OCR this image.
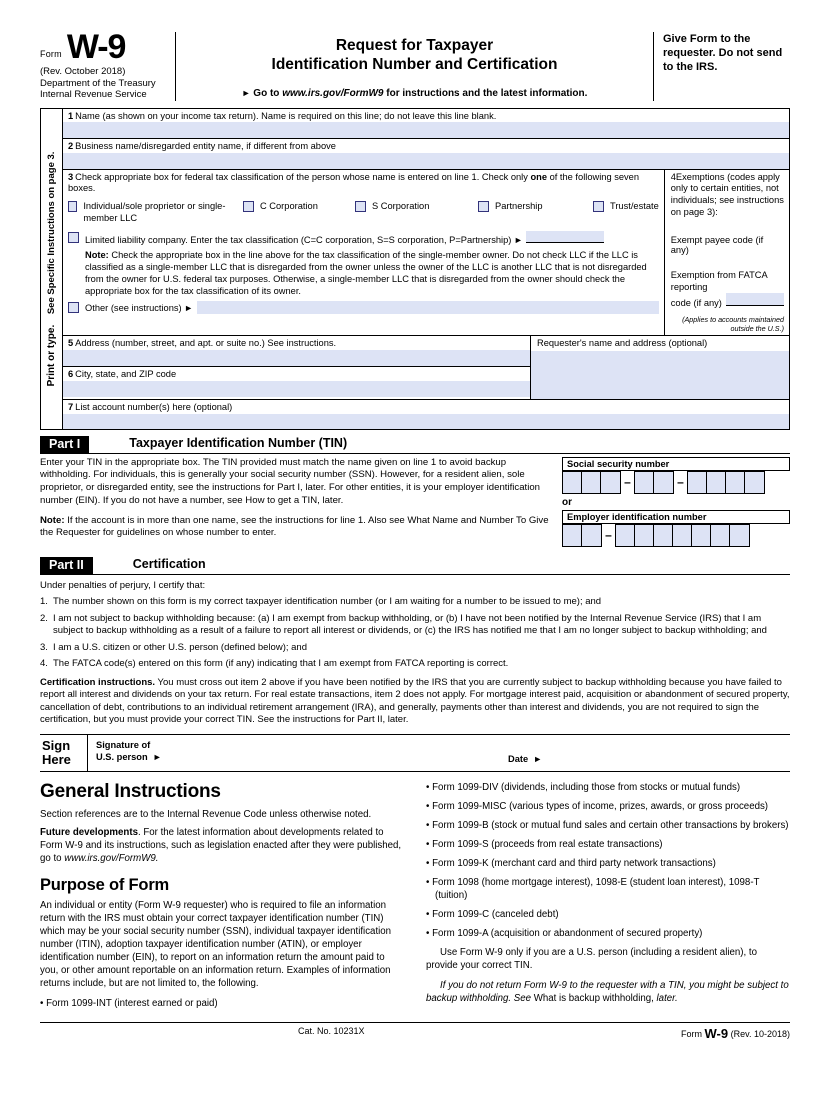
Form W-9
(Rev. October 2018)
Department of the Treasury
Internal Revenue Service
Request for Taxpayer
Identification Number and Certification
► Go to www.irs.gov/FormW9 for instructions and the latest information.
Give Form to the requester. Do not send to the IRS.
Print or type.    See Specific Instructions on page 3.
1 Name (as shown on your income tax return). Name is required on this line; do not leave this line blank.
2 Business name/disregarded entity name, if different from above
3 Check appropriate box for federal tax classification of the person whose name is entered on line 1. Check only one of the following seven boxes.
Individual/sole proprietor or single-member LLC
C Corporation	S Corporation	Partnership	Trust/estate
Limited liability company. Enter the tax classification (C=C corporation, S=S corporation, P=Partnership) ►
Note: Check the appropriate box in the line above for the tax classification of the single-member owner. Do not check LLC if the LLC is classified as a single-member LLC that is disregarded from the owner unless the owner of the LLC is another LLC that is not disregarded from the owner for U.S. federal tax purposes. Otherwise, a single-member LLC that is disregarded from the owner should check the appropriate box for the tax classification of its owner.
Other (see instructions) ►
4Exemptions (codes apply only to certain entities, not individuals; see instructions on page 3):
Exempt payee code (if any)
Exemption from FATCA reporting
code (if any)
(Applies to accounts maintained outside the U.S.)
5 Address (number, street, and apt. or suite no.) See instructions.
6 City, state, and ZIP code
Requester's name and address (optional)
7 List account number(s) here (optional)
Part I	Taxpayer Identification Number (TIN)
Enter your TIN in the appropriate box. The TIN provided must match the name given on line 1 to avoid backup withholding. For individuals, this is generally your social security number (SSN). However, for a resident alien, sole proprietor, or disregarded entity, see the instructions for Part I, later. For other entities, it is your employer identification number (EIN). If you do not have a number, see How to get a TIN, later.
Note: If the account is in more than one name, see the instructions for line 1. Also see What Name and Number To Give the Requester for guidelines on whose number to enter.
Social security number
–	–
or
Employer identification number
–
Part II	Certification
Under penalties of perjury, I certify that:
1. The number shown on this form is my correct taxpayer identification number (or I am waiting for a number to be issued to me); and
2. I am not subject to backup withholding because: (a) I am exempt from backup withholding, or (b) I have not been notified by the Internal Revenue Service (IRS) that I am subject to backup withholding as a result of a failure to report all interest or dividends, or (c) the IRS has notified me that I am no longer subject to backup withholding; and
3. I am a U.S. citizen or other U.S. person (defined below); and
4. The FATCA code(s) entered on this form (if any) indicating that I am exempt from FATCA reporting is correct.
Certification instructions. You must cross out item 2 above if you have been notified by the IRS that you are currently subject to backup withholding because you have failed to report all interest and dividends on your tax return. For real estate transactions, item 2 does not apply. For mortgage interest paid, acquisition or abandonment of secured property, cancellation of debt, contributions to an individual retirement arrangement (IRA), and generally, payments other than interest and dividends, you are not required to sign the certification, but you must provide your correct TIN. See the instructions for Part II, later.
Sign
Here
Signature of
U.S. person  ►	Date  ►
General Instructions

Section references are to the Internal Revenue Code unless otherwise noted.

Future developments. For the latest information about developments related to Form W-9 and its instructions, such as legislation enacted after they were published, go to www.irs.gov/FormW9.

Purpose of Form

An individual or entity (Form W-9 requester) who is required to file an information return with the IRS must obtain your correct taxpayer identification number (TIN) which may be your social security number (SSN), individual taxpayer identification number (ITIN), adoption taxpayer identification number (ATIN), or employer identification number (EIN), to report on an information return the amount paid to you, or other amount reportable on an information return. Examples of information returns include, but are not limited to, the following.

• Form 1099-INT (interest earned or paid)
• Form 1099-DIV (dividends, including those from stocks or mutual funds)
• Form 1099-MISC (various types of income, prizes, awards, or gross proceeds)
• Form 1099-B (stock or mutual fund sales and certain other transactions by brokers)
• Form 1099-S (proceeds from real estate transactions)
• Form 1099-K (merchant card and third party network transactions)
• Form 1098 (home mortgage interest), 1098-E (student loan interest), 1098-T (tuition)
• Form 1099-C (canceled debt)
• Form 1099-A (acquisition or abandonment of secured property)

Use Form W-9 only if you are a U.S. person (including a resident alien), to provide your correct TIN.

If you do not return Form W-9 to the requester with a TIN, you might be subject to backup withholding. See What is backup withholding, later.

Cat. No. 10231X	Form W-9 (Rev. 10-2018)
